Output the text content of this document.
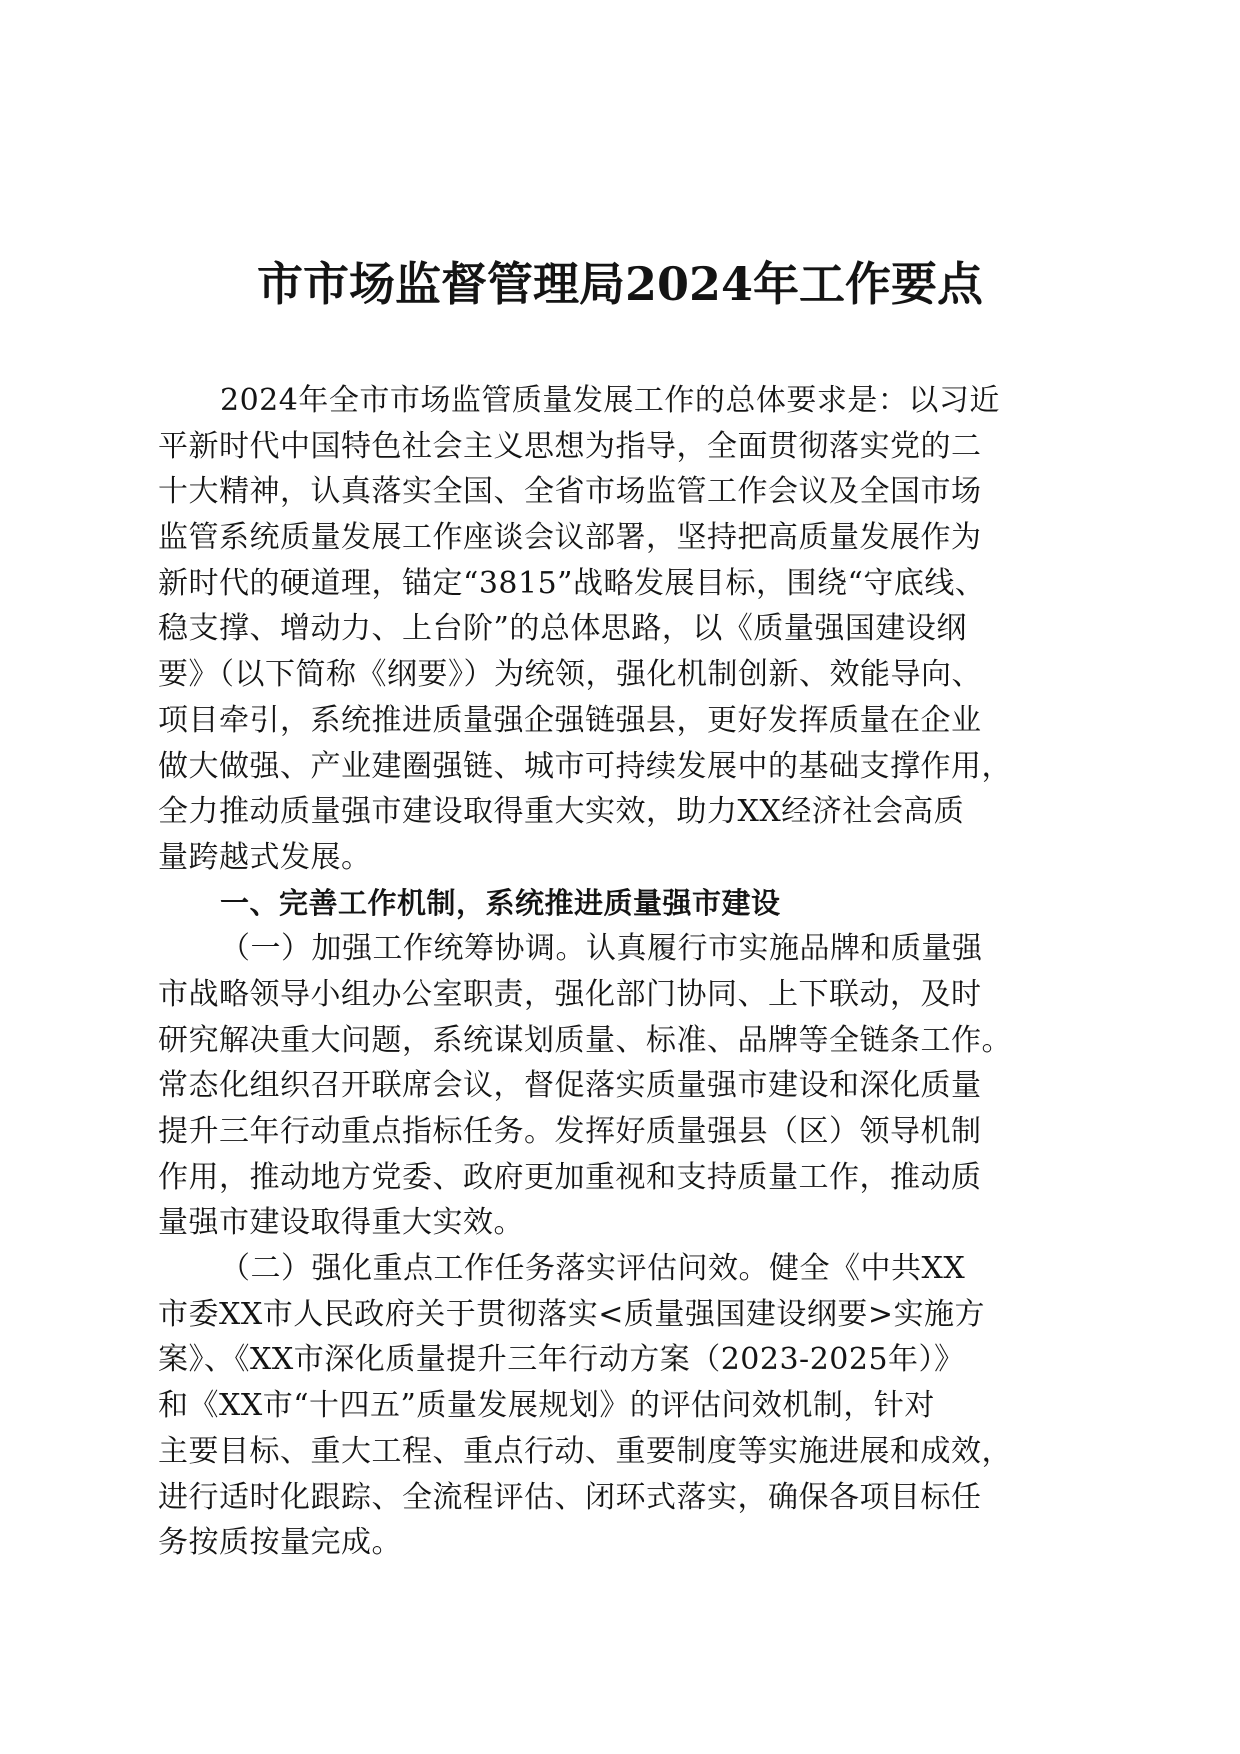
市市场监督管理局2024年工作要点
2024年全市市场监管质量发展工作的总体要求是：以习近
平新时代中国特色社会主义思想为指导，全面贯彻落实党的二
十大精神，认真落实全国、全省市场监管工作会议及全国市场
监管系统质量发展工作座谈会议部署，坚持把高质量发展作为
新时代的硬道理，锚定“3815”战略发展目标，围绕“守底线、
稳支撑、增动力、上台阶”的总体思路，以《质量强国建设纲
要》（以下简称《纲要》）为统领，强化机制创新、效能导向、
项目牵引，系统推进质量强企强链强县，更好发挥质量在企业
做大做强、产业建圈强链、城市可持续发展中的基础支撑作用，
全力推动质量强市建设取得重大实效，助力XX经济社会高质
量跨越式发展。
一、完善工作机制，系统推进质量强市建设
（一）加强工作统筹协调。认真履行市实施品牌和质量强
市战略领导小组办公室职责，强化部门协同、上下联动，及时
研究解决重大问题，系统谋划质量、标准、品牌等全链条工作。
常态化组织召开联席会议，督促落实质量强市建设和深化质量
提升三年行动重点指标任务。发挥好质量强县（区）领导机制
作用，推动地方党委、政府更加重视和支持质量工作，推动质
量强市建设取得重大实效。
（二）强化重点工作任务落实评估问效。健全《中共XX
市委XX市人民政府关于贯彻落实<质量强国建设纲要>实施方
案》、《XX市深化质量提升三年行动方案（2023-2025年）》
和《XX市“十四五”质量发展规划》的评估问效机制，针对
主要目标、重大工程、重点行动、重要制度等实施进展和成效，
进行适时化跟踪、全流程评估、闭环式落实，确保各项目标任
务按质按量完成。
